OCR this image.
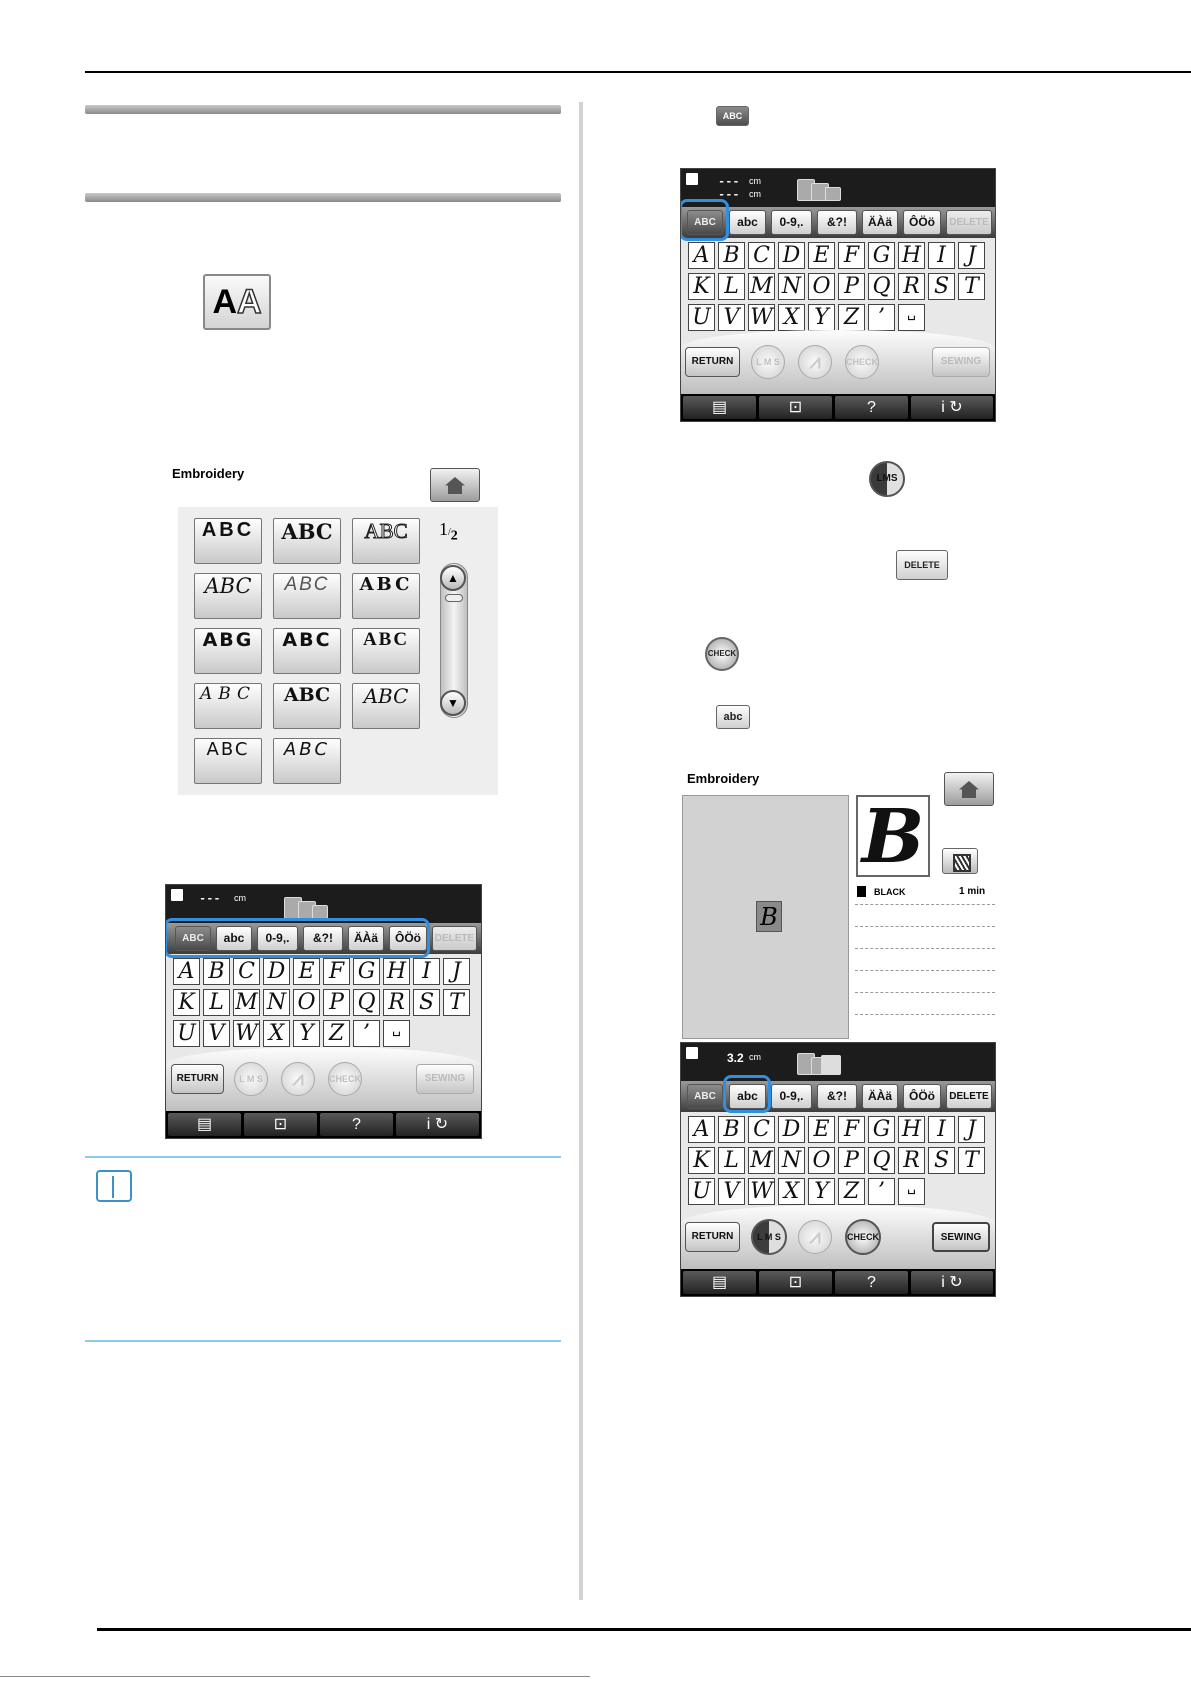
AA
Embroidery
ABC	ABC	ABC
ABC	ABC	ABC
ABG	ABC	ABC
ABC	ABC	ABC
ABC	ABC
$1/_2$
▲
▼
--- cm
ABC	abc	0-9,.	&?!	ÄÀä	ÔÖö	DELETE
A B C D E F G H I J
K L M N O P Q R S T
U V W X Y Z ’	␣
RETURN	L M S	⩘	CHECK	SEWING
▤	⊡	?	i ↻
ABC
LMS
DELETE
CHECK
abc
--- cm
--- cm
ABC	abc	0-9,.	&?!	ÄÀä	ÔÖö	DELETE
A B C D E F G H I J
K L M N O P Q R S T
U V W X Y Z ’	␣
RETURN	L M S	⩘	CHECK	SEWING
▤	⊡	?	i ↻
Embroidery
B
B
BLACK	1 min
3.2 cm
ABC	abc	0-9,.	&?!	ÄÀä	ÔÖö	DELETE
A B C D E F G H I J
K L M N O P Q R S T
U V W X Y Z ’	␣
RETURN	L M S	⩘	CHECK	SEWING
▤	⊡	?	i ↻
